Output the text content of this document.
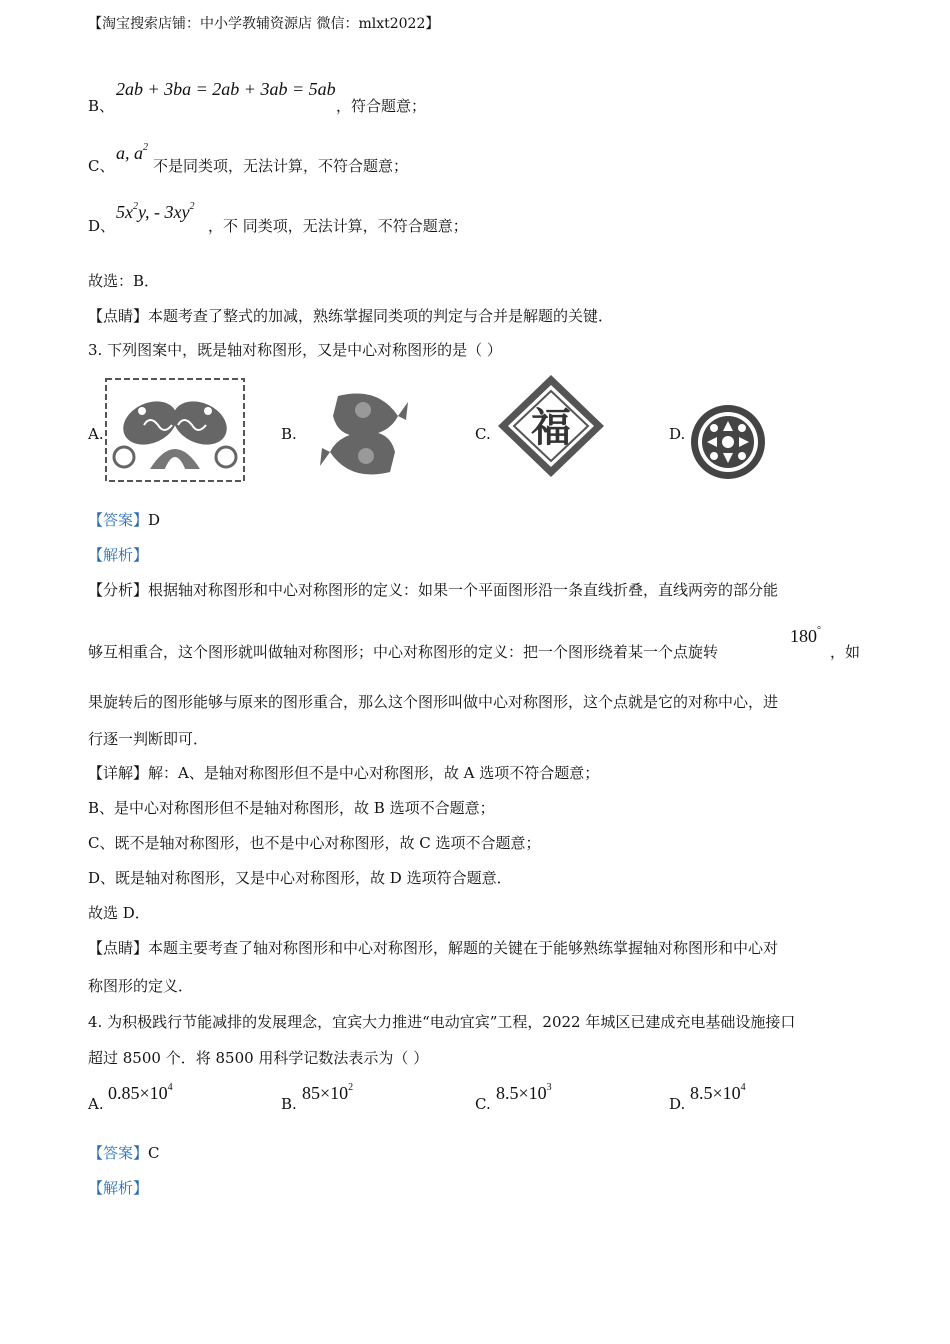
【淘宝搜索店铺：中小学教辅资源店 微信：mlxt2022】
B、
2ab + 3ba = 2ab + 3ab = 5ab
，符合题意；
C、
a, $a^2$
不是同类项，无法计算，不符合题意；
D、
$5x^2y$, - $3xy^2$
，不 同类项，无法计算，不符合题意；
故选：B．
【点睛】本题考查了整式的加减，熟练掌握同类项的判定与合并是解题的关键．
3. 下列图案中，既是轴对称图形，又是中心对称图形的是（ ）
A.	B.	C. 福	D.
【答案】D
【解析】
【分析】根据轴对称图形和中心对称图形的定义：如果一个平面图形沿一条直线折叠，直线两旁的部分能
够互相重合，这个图形就叫做轴对称图形；中心对称图形的定义：把一个图形绕着某一个点旋转
180°
，如
果旋转后的图形能够与原来的图形重合，那么这个图形叫做中心对称图形，这个点就是它的对称中心，进
行逐一判断即可．
【详解】解：A、是轴对称图形但不是中心对称图形，故 A 选项不符合题意；
B、是中心对称图形但不是轴对称图形，故 B 选项不合题意；
C、既不是轴对称图形，也不是中心对称图形，故 C 选项不合题意；
D、既是轴对称图形，又是中心对称图形，故 D 选项符合题意．
故选 D．
【点睛】本题主要考查了轴对称图形和中心对称图形，解题的关键在于能够熟练掌握轴对称图形和中心对
称图形的定义．
4. 为积极践行节能减排的发展理念，宜宾大力推进“电动宜宾”工程，2022 年城区已建成充电基础设施接口
超过 8500 个．将 8500 用科学记数法表示为（ ）
A.
$0.85\times 10^4$
B.
$85\times 10^2$
C.
$8.5\times 10^3$
D.
$8.5\times 10^4$
【答案】C
【解析】
